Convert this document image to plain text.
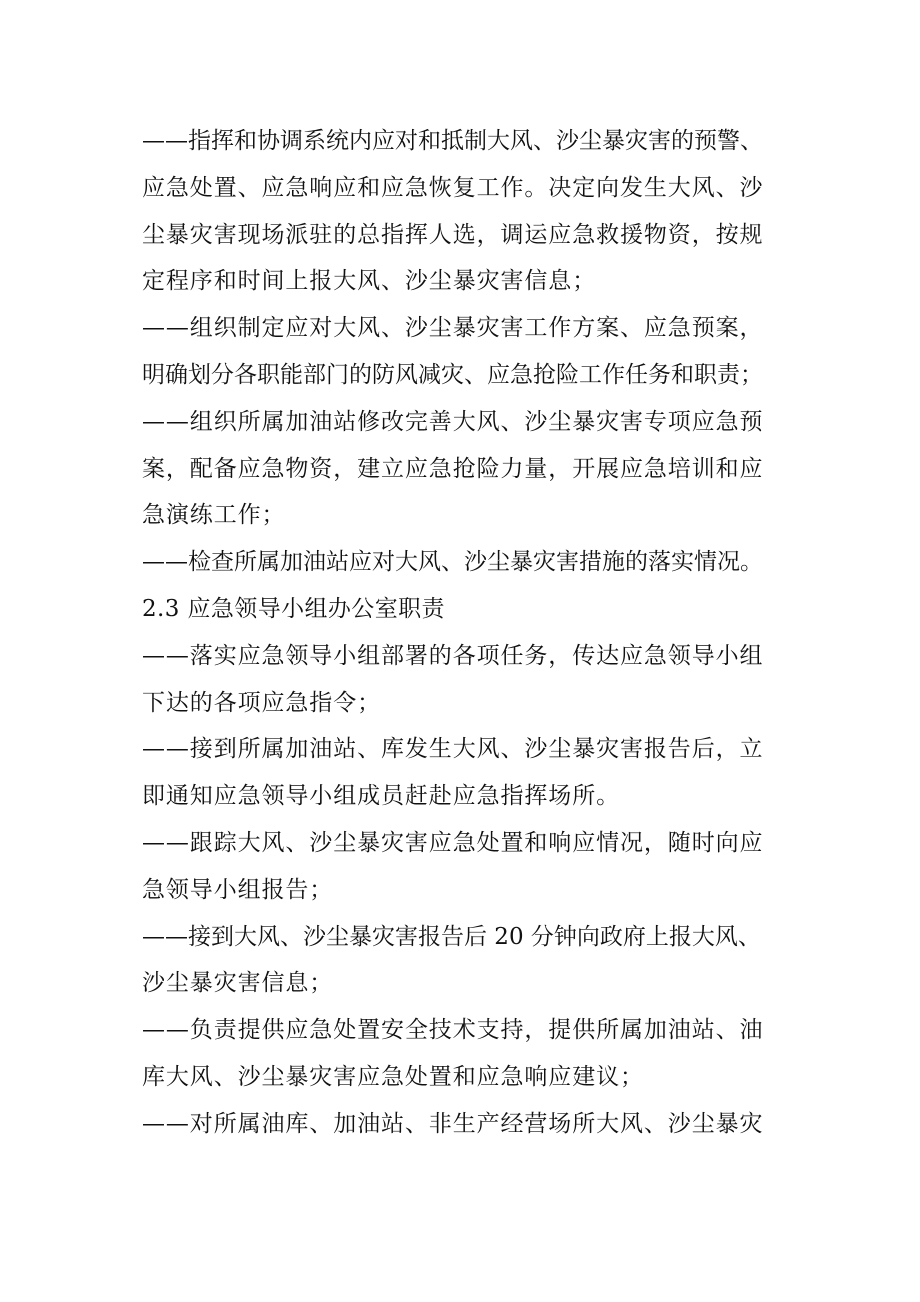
——指挥和协调系统内应对和抵制大风、沙尘暴灾害的预警、
应急处置、应急响应和应急恢复工作。决定向发生大风、沙
尘暴灾害现场派驻的总指挥人选，调运应急救援物资，按规
定程序和时间上报大风、沙尘暴灾害信息；
——组织制定应对大风、沙尘暴灾害工作方案、应急预案，
明确划分各职能部门的防风减灾、应急抢险工作任务和职责；
——组织所属加油站修改完善大风、沙尘暴灾害专项应急预
案，配备应急物资，建立应急抢险力量，开展应急培训和应
急演练工作；
——检查所属加油站应对大风、沙尘暴灾害措施的落实情况。
2.3 应急领导小组办公室职责
——落实应急领导小组部署的各项任务，传达应急领导小组
下达的各项应急指令；
——接到所属加油站、库发生大风、沙尘暴灾害报告后，立
即通知应急领导小组成员赶赴应急指挥场所。
——跟踪大风、沙尘暴灾害应急处置和响应情况，随时向应
急领导小组报告；
——接到大风、沙尘暴灾害报告后 20 分钟向政府上报大风、
沙尘暴灾害信息；
——负责提供应急处置安全技术支持，提供所属加油站、油
库大风、沙尘暴灾害应急处置和应急响应建议；
——对所属油库、加油站、非生产经营场所大风、沙尘暴灾
